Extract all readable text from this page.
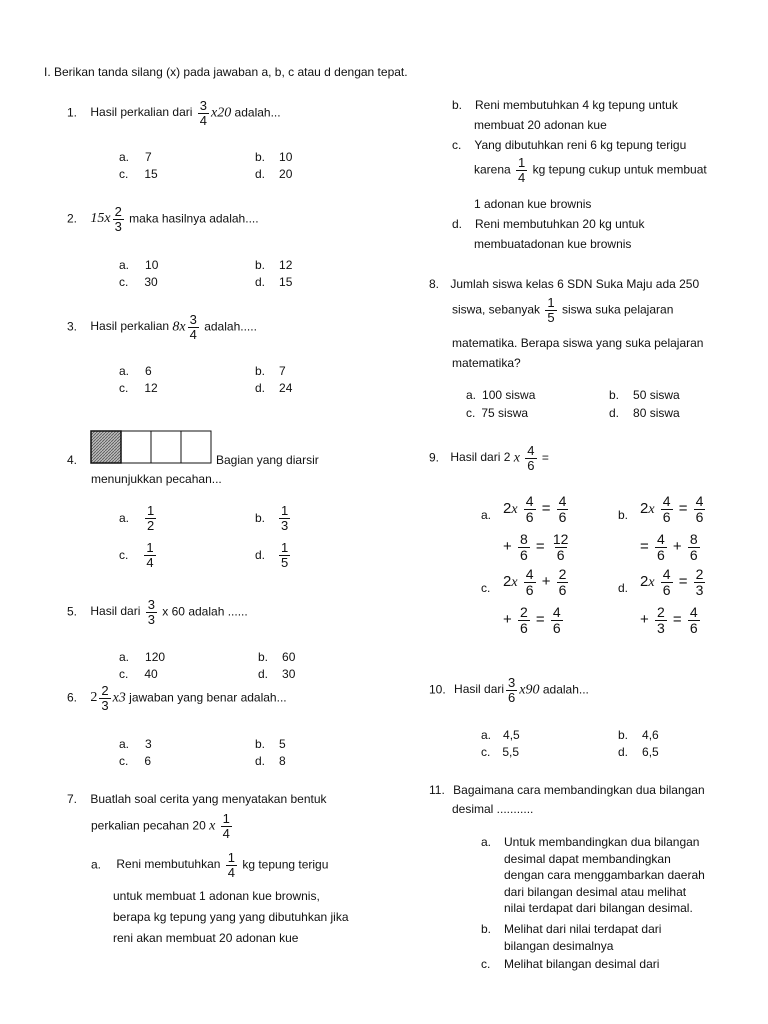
I. Berikan tanda silang (x) pada jawaban a, b, c atau d dengan tepat.
1. Hasil perkalian dari $\frac{3}{4} x20$ adalah...
a. 7	b. 10
c. 15	d. 20
2. $15x \frac{2}{3}$ maka hasilnya adalah....
a. 10	b. 12
c. 30	d. 15
3. Hasil perkalian $8x \frac{3}{4}$ adalah.....
a. 6	b. 7
c. 12	d. 24
4.	Bagian yang diarsir
menunjukkan pecahan...
a. $\frac{1}{2}$	b. $\frac{1}{3}$
c. $\frac{1}{4}$	d. $\frac{1}{5}$
5. Hasil dari $\frac{3}{3}$ x 60 adalah ......
a. 120	b. 60
c. 40	d. 30
6. $2 \frac{2}{3} x3$ jawaban yang benar adalah...
a. 3	b. 5
c. 6	d. 8
7. Buatlah soal cerita yang menyatakan bentuk
perkalian pecahan 20 x $\frac{1}{4}$
a. Reni membutuhkan $\frac{1}{4}$ kg tepung terigu
untuk membuat 1 adonan kue brownis,
berapa kg tepung yang yang dibutuhkan jika
reni akan membuat 20 adonan kue
b. Reni membutuhkan 4 kg tepung untuk
membuat 20 adonan kue
c. Yang dibutuhkan reni 6 kg tepung terigu
karena $\frac{1}{4}$ kg tepung cukup untuk membuat
1 adonan kue brownis
d. Reni membutuhkan 20 kg untuk
membuatadonan kue brownis
8. Jumlah siswa kelas 6 SDN Suka Maju ada 250
siswa, sebanyak $\frac{1}{5}$ siswa suka pelajaran
matematika. Berapa siswa yang suka pelajaran
matematika?
a. 100 siswa	b. 50 siswa
c. 75 siswa	d. 80 siswa
9. Hasil dari 2 x $\frac{4}{6}$ =
a. $2x \frac{4}{6} = \frac{4}{6}$
+ $\frac{8}{6} = \frac{12}{6}$
b. $2x \frac{4}{6} = \frac{4}{6}$
= $\frac{4}{6} + \frac{8}{6}$
c. $2x \frac{4}{6} + \frac{2}{6}$
+ $\frac{2}{6} = \frac{4}{6}$
d. $2x \frac{4}{6} = \frac{2}{3}$
+ $\frac{2}{3} = \frac{4}{6}$
10. Hasil dari $\frac{3}{6} x90$ adalah...
a. 4,5	b. 4,6
c. 5,5	d. 6,5
11. Bagaimana cara membandingkan dua bilangan
desimal ...........
a. Untuk membandingkan dua bilangan
desimal dapat membandingkan
dengan cara menggambarkan daerah
dari bilangan desimal atau melihat
nilai terdapat dari bilangan desimal.
b. Melihat dari nilai terdapat dari
bilangan desimalnya
c. Melihat bilangan desimal dari
